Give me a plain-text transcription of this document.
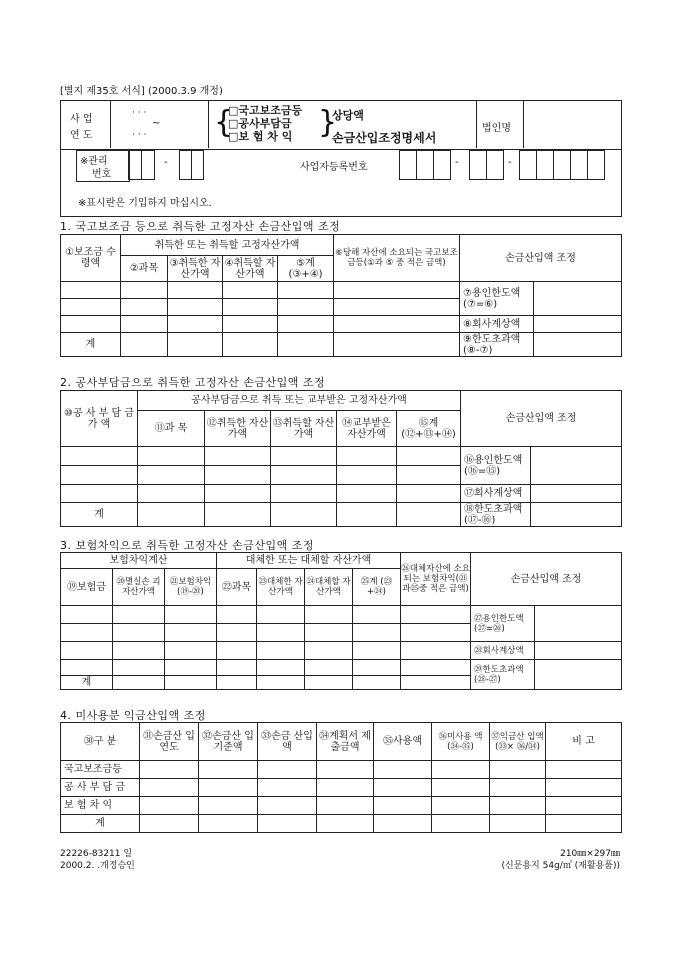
[별지 제35호 서식] (2000.3.9 개정)
사 업
연 도
· · ·
~
· · · {
□국고보조금등
□공사부담금
□보 험 차 익 }
상당액
손금산입조정명세서
법인명
※관리
번호
-	사업자등록번호	-	-
※표시란은 기입하지 마십시오.
1. 국고보조금 등으로 취득한 고정자산 손금산입액 조정
①보조금 수령액	취득한 또는 취득할 고정자산가액				⑥당해 자산에 소요되는 국고보조금등(①과 ⑤ 중 적은 금액)	손금산입액 조정	
	②과목	③취득한 자산가액	④취득할 자산가액	⑤계 (③+④)			
						⑦용인한도액 (⑦=⑥)	

						⑧회사계상액	
계						⑨한도초과액 (⑧-⑦)	
2. 공사부담금으로 취득한 고정자산 손금산입액 조정
⑩공 사 부 담 금 가 액	공사부담금으로 취득 또는 교부받은 고정자산가액					손금산입액 조정	
	⑪과 목	⑫취득한 자산가액	⑬취득할 자산가액	⑭교부받은 자산가액	⑮계 (⑫+⑬+⑭)		
						⑯용인한도액 (⑯=⑮)	

						⑰회사계상액	
계						⑱한도초과액 (⑰-⑯)	
3. 보험차익으로 취득한 고정자산 손금산입액 조정
보험차익계산			대체한 또는 대체할 자산가액				㉖대체자산에 소요되는 보험차익(㉑과㉕중 적은 금액)	손금산입액 조정	
⑲보험금	⑳멸실손 괴자산가액	㉑보험차익 (⑲-⑳)	㉒과목	㉓대체한 자산가액	㉔대체할 자산가액	㉕계 (㉓+㉔)			
								㉗용인한도액 (㉗=㉖)	

								㉘회사계상액	
								㉙한도초과액 (㉘-㉗)	
계									
4. 미사용분 익금산입액 조정
㉚구 분	㉛손금산 입연도	㉜손금산 입기준액	㉝손금 산입액	㉞계획서 제출금액	㉟사용액	㊱미사용 액(㉞-㉟)	㊲익금산 입액(㉝× ㊱/㉞)	비 고
국고보조금등								
공 사 부 담 금								
보 험 차 익								
계								
22226-83211 일
2000.2. .개정승인
210㎜×297㎜
(신문용지 54g/㎡ (재활용품))
